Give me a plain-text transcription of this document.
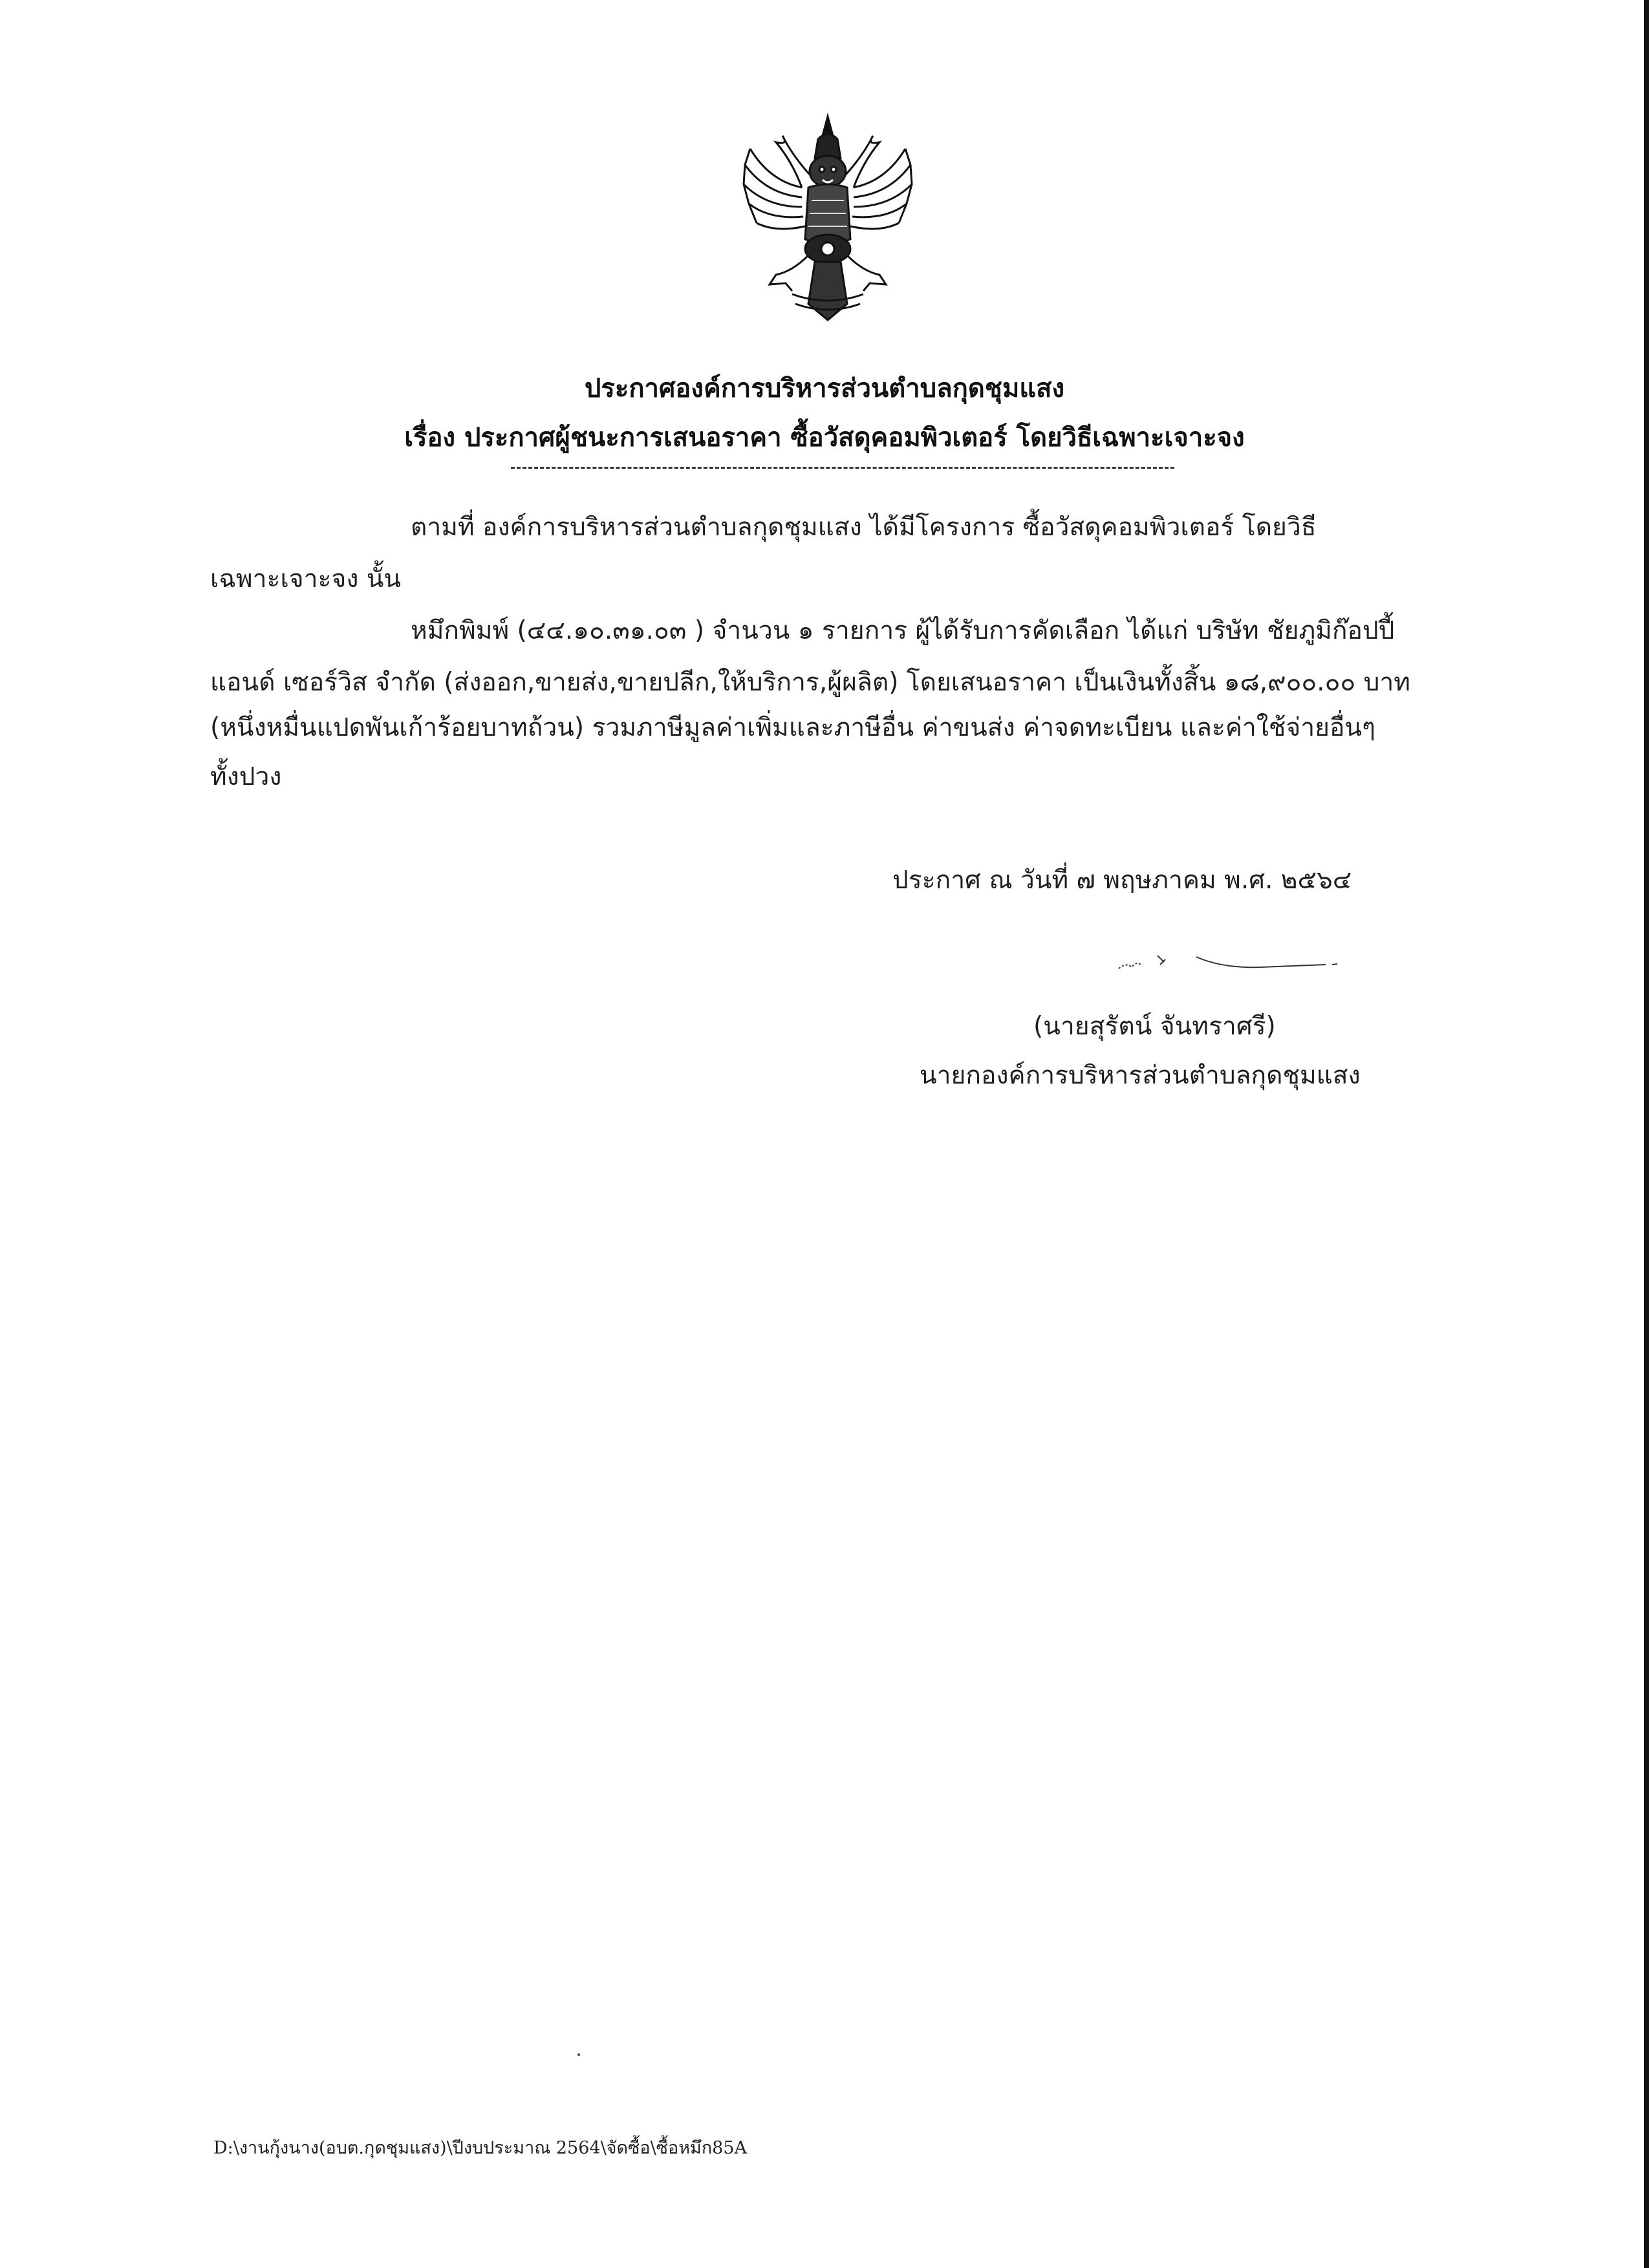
ประกาศองค์การบริหารส่วนตำบลกุดชุมแสง
เรื่อง ประกาศผู้ชนะการเสนอราคา ซื้อวัสดุคอมพิวเตอร์ โดยวิธีเฉพาะเจาะจง
ตามที่ องค์การบริหารส่วนตำบลกุดชุมแสง ได้มีโครงการ ซื้อวัสดุคอมพิวเตอร์ โดยวิธี
เฉพาะเจาะจง นั้น
หมึกพิมพ์ (๔๔.๑๐.๓๑.๐๓ ) จำนวน ๑ รายการ ผู้ได้รับการคัดเลือก ได้แก่ บริษัท ชัยภูมิก๊อปปี้
แอนด์ เซอร์วิส จำกัด (ส่งออก,ขายส่ง,ขายปลีก,ให้บริการ,ผู้ผลิต) โดยเสนอราคา เป็นเงินทั้งสิ้น ๑๘,๙๐๐.๐๐ บาท
(หนึ่งหมื่นแปดพันเก้าร้อยบาทถ้วน) รวมภาษีมูลค่าเพิ่มและภาษีอื่น ค่าขนส่ง ค่าจดทะเบียน และค่าใช้จ่ายอื่นๆ
ทั้งปวง
ประกาศ ณ วันที่ ๗ พฤษภาคม พ.ศ. ๒๕๖๔
(นายสุรัตน์ จันทราศรี)
นายกองค์การบริหารส่วนตำบลกุดชุมแสง
D:\งานกุ้งนาง(อบต.กุดชุมแสง)\ปีงบประมาณ 2564\จัดซื้อ\ซื้อหมึก85A
